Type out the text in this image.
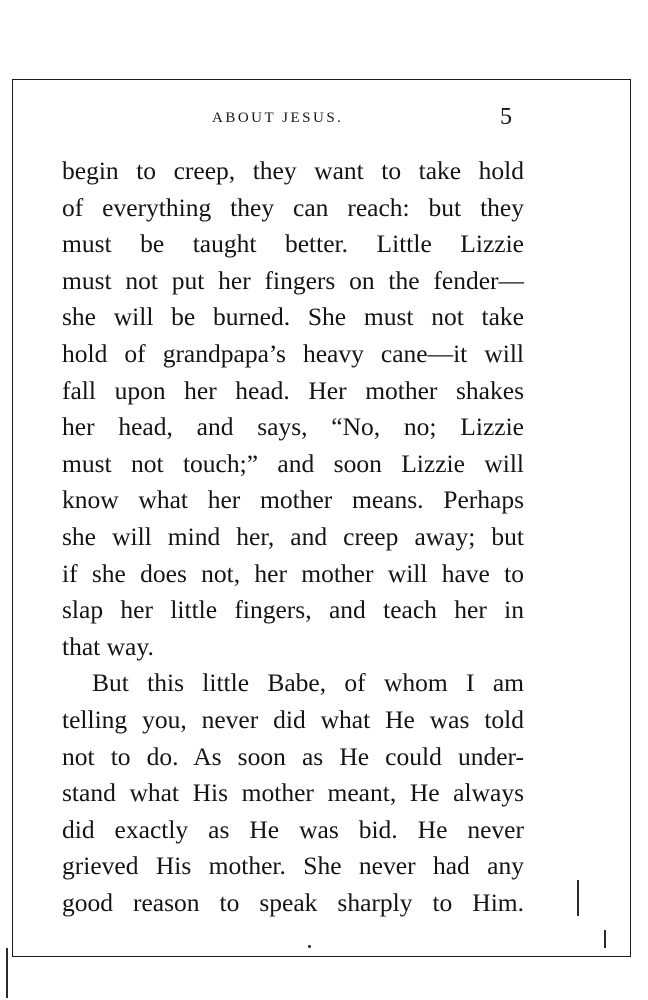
ABOUT JESUS.	5

begin to creep, they want to take hold
of everything they can reach: but they
must be taught better. Little Lizzie
must not put her fingers on the fender—
she will be burned. She must not take
hold of grandpapa’s heavy cane—it will
fall upon her head. Her mother shakes
her head, and says, “No, no; Lizzie
must not touch;” and soon Lizzie will
know what her mother means. Perhaps
she will mind her, and creep away; but
if she does not, her mother will have to
slap her little fingers, and teach her in
that way.

But this little Babe, of whom I am
telling you, never did what He was told
not to do. As soon as He could under-
stand what His mother meant, He always
did exactly as He was bid. He never
grieved His mother. She never had any
good reason to speak sharply to Him.
